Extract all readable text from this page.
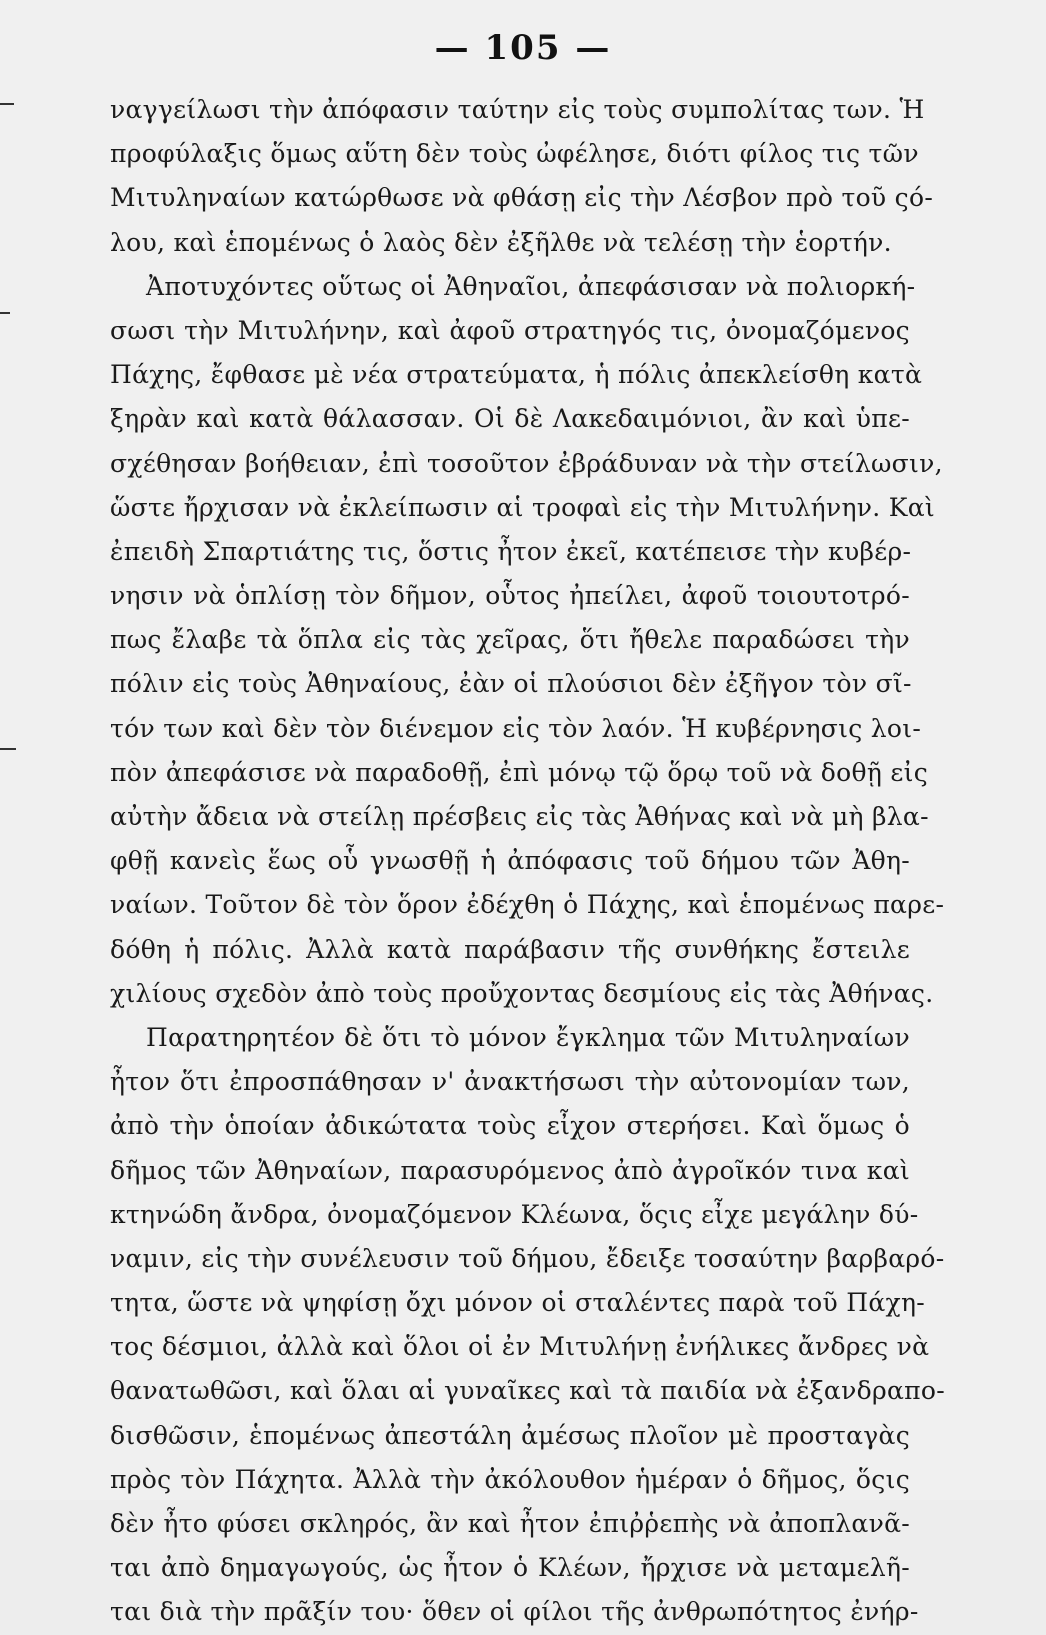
— 105 —
ναγγείλωσι τὴν ἀπόφασιν ταύτην εἰς τοὺς συμπολίτας των. Ἡ
προφύλαξις ὅμως αὕτη δὲν τοὺς ὠφέλησε, διότι φίλος τις τῶν
Μιτυληναίων κατώρθωσε νὰ φθάσῃ εἰς τὴν Λέσβον πρὸ τοῦ ςό-
λου, καὶ ἑπομένως ὁ λαὸς δὲν ἐξῆλθε νὰ τελέσῃ τὴν ἑορτήν.
Ἀποτυχόντες οὕτως οἱ Ἀθηναῖοι, ἀπεφάσισαν νὰ πολιορκή-
σωσι τὴν Μιτυλήνην, καὶ ἀφοῦ στρατηγός τις, ὀνομαζόμενος
Πάχης, ἔφθασε μὲ νέα στρατεύματα, ἡ πόλις ἀπεκλείσθη κατὰ
ξηρὰν καὶ κατὰ θάλασσαν. Οἱ δὲ Λακεδαιμόνιοι, ἂν καὶ ὑπε-
σχέθησαν βοήθειαν, ἐπὶ τοσοῦτον ἐβράδυναν νὰ τὴν στείλωσιν,
ὥστε ἤρχισαν νὰ ἐκλείπωσιν αἱ τροφαὶ εἰς τὴν Μιτυλήνην. Καὶ
ἐπειδὴ Σπαρτιάτης τις, ὅστις ἦτον ἐκεῖ, κατέπεισε τὴν κυβέρ-
νησιν νὰ ὁπλίσῃ τὸν δῆμον, οὗτος ἠπείλει, ἀφοῦ τοιουτοτρό-
πως ἔλαβε τὰ ὅπλα εἰς τὰς χεῖρας, ὅτι ἤθελε παραδώσει τὴν
πόλιν εἰς τοὺς Ἀθηναίους, ἐὰν οἱ πλούσιοι δὲν ἐξῆγον τὸν σῖ-
τόν των καὶ δὲν τὸν διένεμον εἰς τὸν λαόν. Ἡ κυβέρνησις λοι-
πὸν ἀπεφάσισε νὰ παραδοθῇ, ἐπὶ μόνῳ τῷ ὅρῳ τοῦ νὰ δοθῇ εἰς
αὐτὴν ἄδεια νὰ στείλῃ πρέσβεις εἰς τὰς Ἀθήνας καὶ νὰ μὴ βλα-
φθῇ κανεὶς ἕως οὗ γνωσθῇ ἡ ἀπόφασις τοῦ δήμου τῶν Ἀθη-
ναίων. Τοῦτον δὲ τὸν ὅρον ἐδέχθη ὁ Πάχης, καὶ ἑπομένως παρε-
δόθη ἡ πόλις. Ἀλλὰ κατὰ παράβασιν τῆς συνθήκης ἔστειλε
χιλίους σχεδὸν ἀπὸ τοὺς προὔχοντας δεσμίους εἰς τὰς Ἀθήνας.
Παρατηρητέον δὲ ὅτι τὸ μόνον ἔγκλημα τῶν Μιτυληναίων
ἦτον ὅτι ἐπροσπάθησαν ν' ἀνακτήσωσι τὴν αὐτονομίαν των,
ἀπὸ τὴν ὁποίαν ἀδικώτατα τοὺς εἶχον στερήσει. Καὶ ὅμως ὁ
δῆμος τῶν Ἀθηναίων, παρασυρόμενος ἀπὸ ἀγροῖκόν τινα καὶ
κτηνώδη ἄνδρα, ὀνομαζόμενον Κλέωνα, ὅςις εἶχε μεγάλην δύ-
ναμιν, εἰς τὴν συνέλευσιν τοῦ δήμου, ἔδειξε τοσαύτην βαρβαρό-
τητα, ὥστε νὰ ψηφίσῃ ὄχι μόνον οἱ σταλέντες παρὰ τοῦ Πάχη-
τος δέσμιοι, ἀλλὰ καὶ ὅλοι οἱ ἐν Μιτυλήνῃ ἐνήλικες ἄνδρες νὰ
θανατωθῶσι, καὶ ὅλαι αἱ γυναῖκες καὶ τὰ παιδία νὰ ἐξανδραπο-
δισθῶσιν, ἑπομένως ἀπεστάλη ἀμέσως πλοῖον μὲ προσταγὰς
πρὸς τὸν Πάχητα. Ἀλλὰ τὴν ἀκόλουθον ἡμέραν ὁ δῆμος, ὅςις
δὲν ἦτο φύσει σκληρός, ἂν καὶ ἦτον ἐπιῤῥεπὴς νὰ ἀποπλανᾶ-
ται ἀπὸ δημαγωγούς, ὡς ἦτον ὁ Κλέων, ἤρχισε νὰ μεταμελῆ-
ται διὰ τὴν πρᾶξίν του· ὅθεν οἱ φίλοι τῆς ἀνθρωπότητος ἐνήρ-
